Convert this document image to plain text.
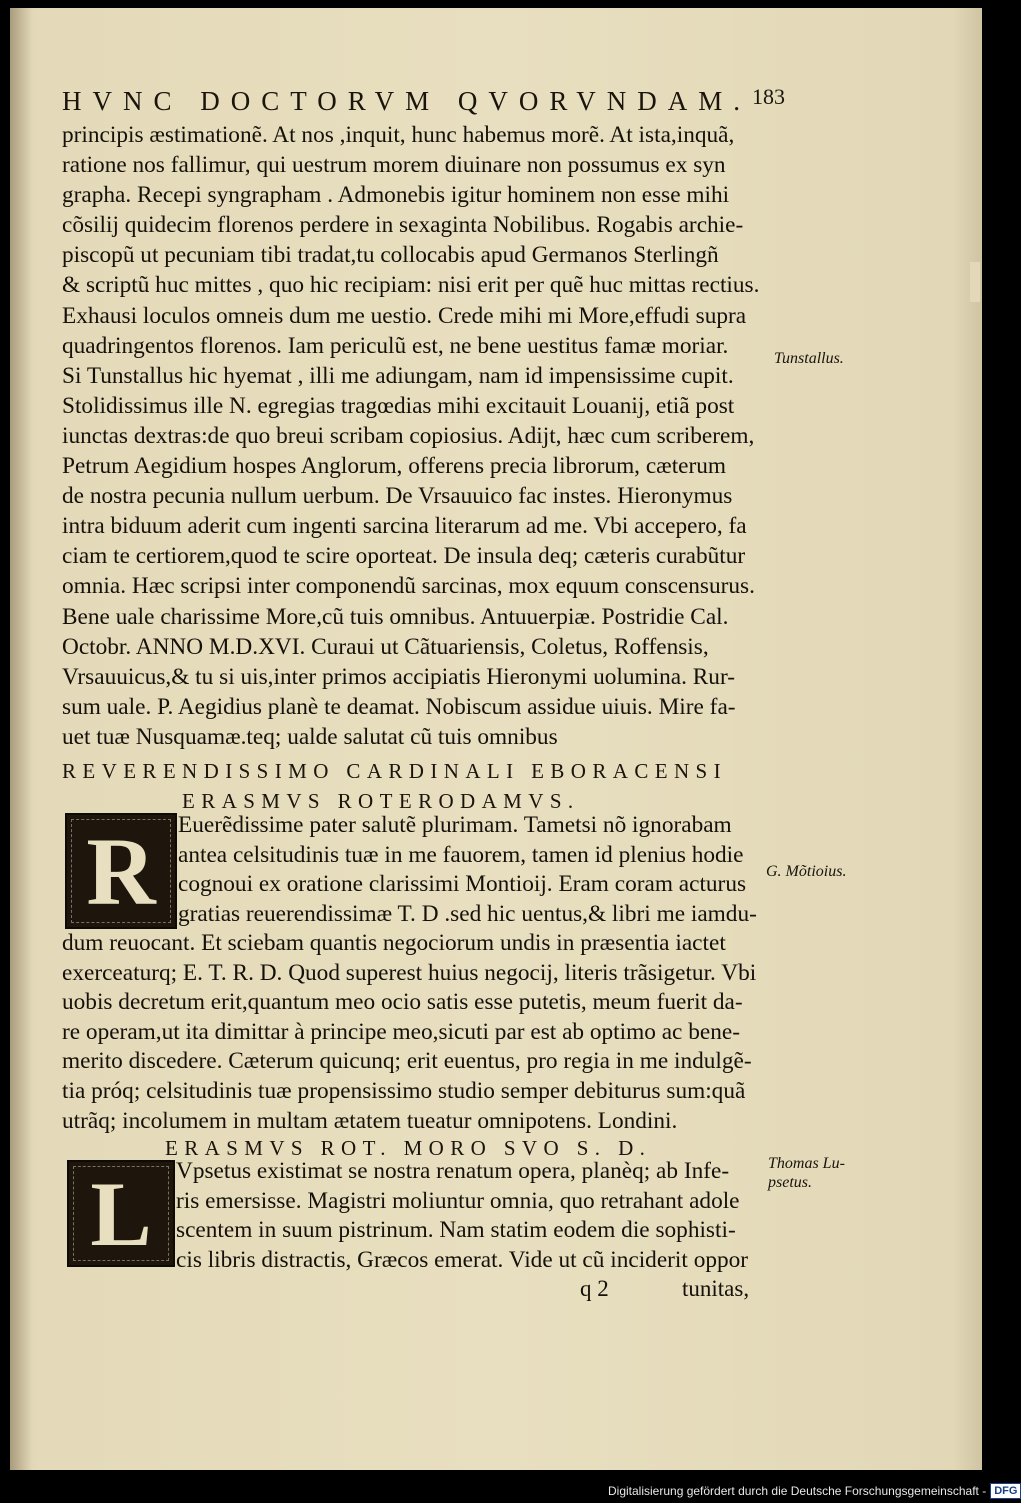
HVNC DOCTORVM QVORVNDAM. 183
principis æstimationẽ. At nos ,inquit, hunc habemus morẽ. At ista,inquã,
ratione nos fallimur, qui uestrum morem diuinare non possumus ex syn
grapha. Recepi syngrapham . Admonebis igitur hominem non esse mihi
cõsilij quidecim florenos perdere in sexaginta Nobilibus. Rogabis archie-
piscopũ ut pecuniam tibi tradat,tu collocabis apud Germanos Sterlingñ
& scriptũ huc mittes , quo hic recipiam: nisi erit per quẽ huc mittas rectius.
Exhausi loculos omneis dum me uestio. Crede mihi mi More,effudi supra
quadringentos florenos. Iam periculũ est, ne bene uestitus famæ moriar.
Si Tunstallus hic hyemat , illi me adiungam, nam id impensissime cupit.
Stolidissimus ille N. egregias tragœdias mihi excitauit Louanij, etiã post
iunctas dextras:de quo breui scribam copiosius. Adijt, hæc cum scriberem,
Petrum Aegidium hospes Anglorum, offerens precia librorum, cæterum
de nostra pecunia nullum uerbum. De Vrsauuico fac instes. Hieronymus
intra biduum aderit cum ingenti sarcina literarum ad me. Vbi accepero, fa
ciam te certiorem,quod te scire oporteat. De insula deq; cæteris curabũtur
omnia. Hæc scripsi inter componendũ sarcinas, mox equum conscensurus.
Bene uale charissime More,cũ tuis omnibus. Antuuerpiæ. Postridie Cal.
Octobr. ANNO M.D.XVI. Curaui ut Cãtuariensis, Coletus, Roffensis,
Vrsauuicus,& tu si uis,inter primos accipiatis Hieronymi uolumina. Rur-
sum uale. P. Aegidius planè te deamat. Nobiscum assidue uiuis. Mire fa-
uet tuæ Nusquamæ.teq; ualde salutat cũ tuis omnibus
REVERENDISSIMO CARDINALI EBORACENSI
ERASMVS ROTERODAMVS.
R Euerẽdissime pater salutẽ plurimam. Tametsi nõ ignorabam
antea celsitudinis tuæ in me fauorem, tamen id plenius hodie
cognoui ex oratione clarissimi Montioij. Eram coram acturus
gratias reuerendissimæ T. D .sed hic uentus,& libri me iamdu-
dum reuocant. Et sciebam quantis negociorum undis in præsentia iactet
exerceaturq; E. T. R. D. Quod superest huius negocij, literis trãsigetur. Vbi
uobis decretum erit,quantum meo ocio satis esse putetis, meum fuerit da-
re operam,ut ita dimittar à principe meo,sicuti par est ab optimo ac bene-
merito discedere. Cæterum quicunq; erit euentus, pro regia in me indulgẽ-
tia próq; celsitudinis tuæ propensissimo studio semper debiturus sum:quã
utrãq; incolumem in multam ætatem tueatur omnipotens. Londini.
ERASMVS ROT. MORO SVO S. D.
L Vpsetus existimat se nostra renatum opera, planèq; ab Infe-
ris emersisse. Magistri moliuntur omnia, quo retrahant adole
scentem in suum pistrinum. Nam statim eodem die sophisti-
cis libris distractis, Græcos emerat. Vide ut cũ inciderit oppor
q 2	tunitas,
Tunstallus.
G. Mõtioius.
Thomas Lu-
psetus.
Digitalisierung gefördert durch die Deutsche Forschungsgemeinschaft - DFG
